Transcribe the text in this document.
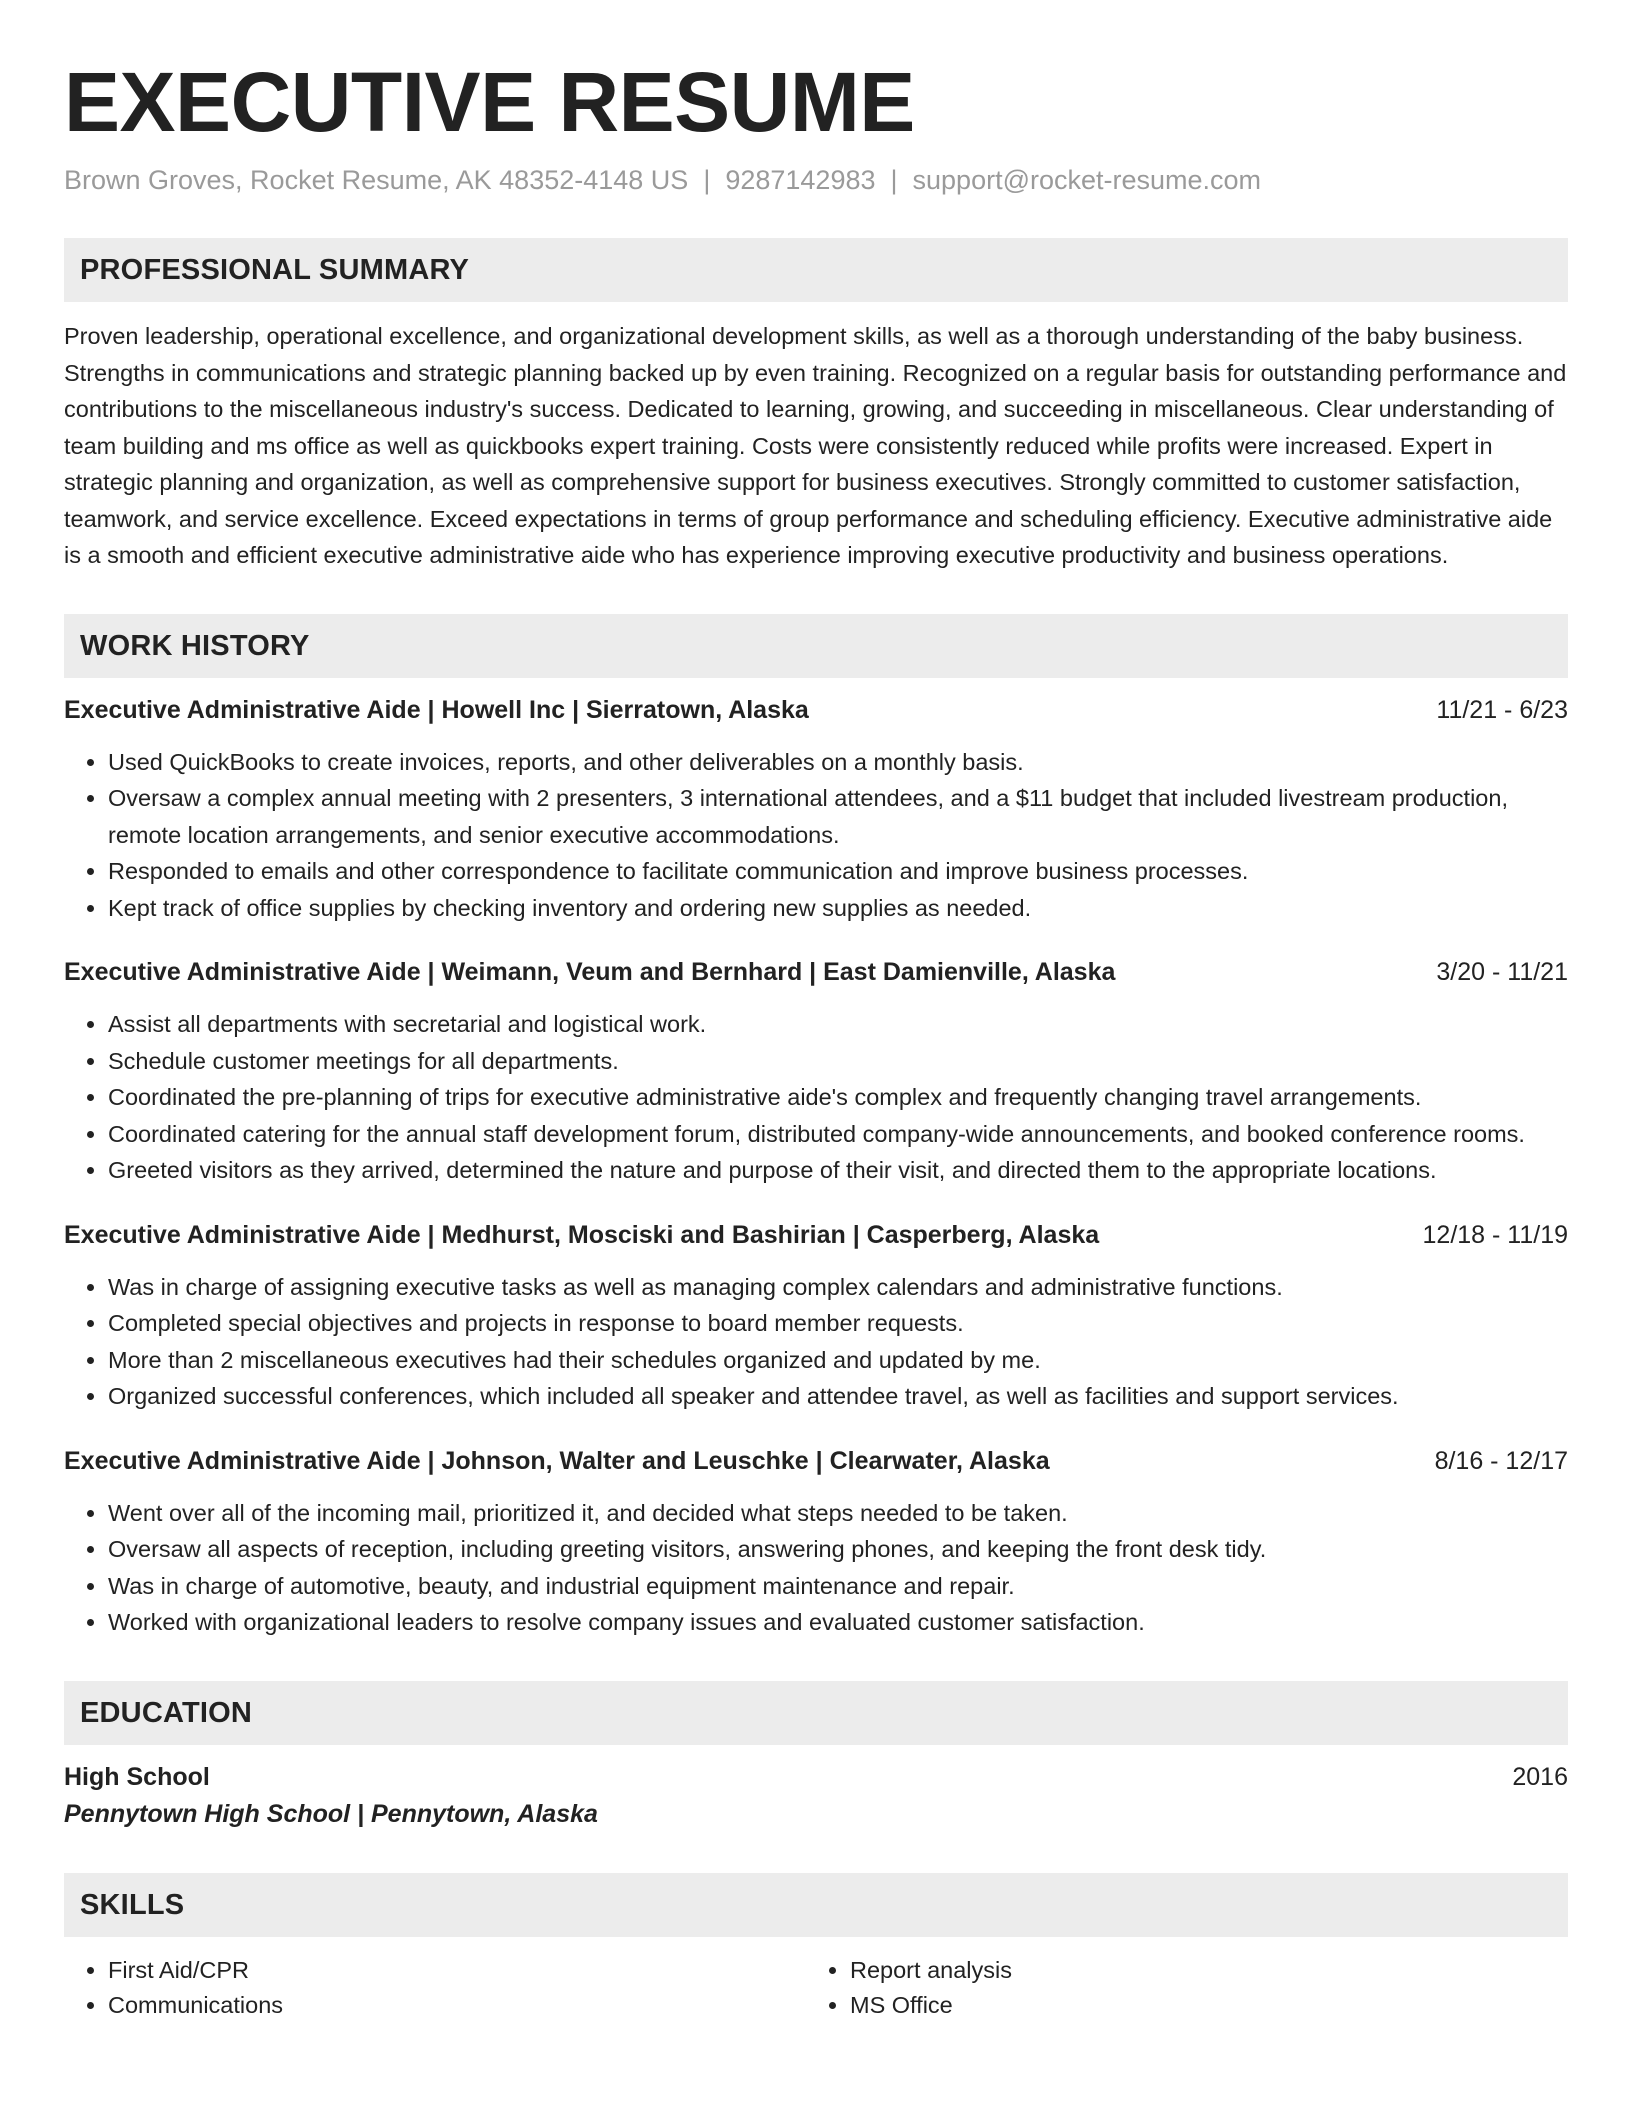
EXECUTIVE RESUME
Brown Groves, Rocket Resume, AK 48352-4148 US | 9287142983 | support@rocket-resume.com
PROFESSIONAL SUMMARY
Proven leadership, operational excellence, and organizational development skills, as well as a thorough understanding of the baby business. Strengths in communications and strategic planning backed up by even training. Recognized on a regular basis for outstanding performance and contributions to the miscellaneous industry's success. Dedicated to learning, growing, and succeeding in miscellaneous. Clear understanding of team building and ms office as well as quickbooks expert training. Costs were consistently reduced while profits were increased. Expert in strategic planning and organization, as well as comprehensive support for business executives. Strongly committed to customer satisfaction, teamwork, and service excellence. Exceed expectations in terms of group performance and scheduling efficiency. Executive administrative aide is a smooth and efficient executive administrative aide who has experience improving executive productivity and business operations.
WORK HISTORY
Executive Administrative Aide | Howell Inc | Sierratown, Alaska	11/21 - 6/23
• Used QuickBooks to create invoices, reports, and other deliverables on a monthly basis.
• Oversaw a complex annual meeting with 2 presenters, 3 international attendees, and a $11 budget that included livestream production, remote location arrangements, and senior executive accommodations.
• Responded to emails and other correspondence to facilitate communication and improve business processes.
• Kept track of office supplies by checking inventory and ordering new supplies as needed.
Executive Administrative Aide | Weimann, Veum and Bernhard | East Damienville, Alaska	3/20 - 11/21
• Assist all departments with secretarial and logistical work.
• Schedule customer meetings for all departments.
• Coordinated the pre-planning of trips for executive administrative aide's complex and frequently changing travel arrangements.
• Coordinated catering for the annual staff development forum, distributed company-wide announcements, and booked conference rooms.
• Greeted visitors as they arrived, determined the nature and purpose of their visit, and directed them to the appropriate locations.
Executive Administrative Aide | Medhurst, Mosciski and Bashirian | Casperberg, Alaska	12/18 - 11/19
• Was in charge of assigning executive tasks as well as managing complex calendars and administrative functions.
• Completed special objectives and projects in response to board member requests.
• More than 2 miscellaneous executives had their schedules organized and updated by me.
• Organized successful conferences, which included all speaker and attendee travel, as well as facilities and support services.
Executive Administrative Aide | Johnson, Walter and Leuschke | Clearwater, Alaska	8/16 - 12/17
• Went over all of the incoming mail, prioritized it, and decided what steps needed to be taken.
• Oversaw all aspects of reception, including greeting visitors, answering phones, and keeping the front desk tidy.
• Was in charge of automotive, beauty, and industrial equipment maintenance and repair.
• Worked with organizational leaders to resolve company issues and evaluated customer satisfaction.
EDUCATION
High School	2016
Pennytown High School | Pennytown, Alaska
SKILLS
• First Aid/CPR
• Communications
• Report analysis
• MS Office
